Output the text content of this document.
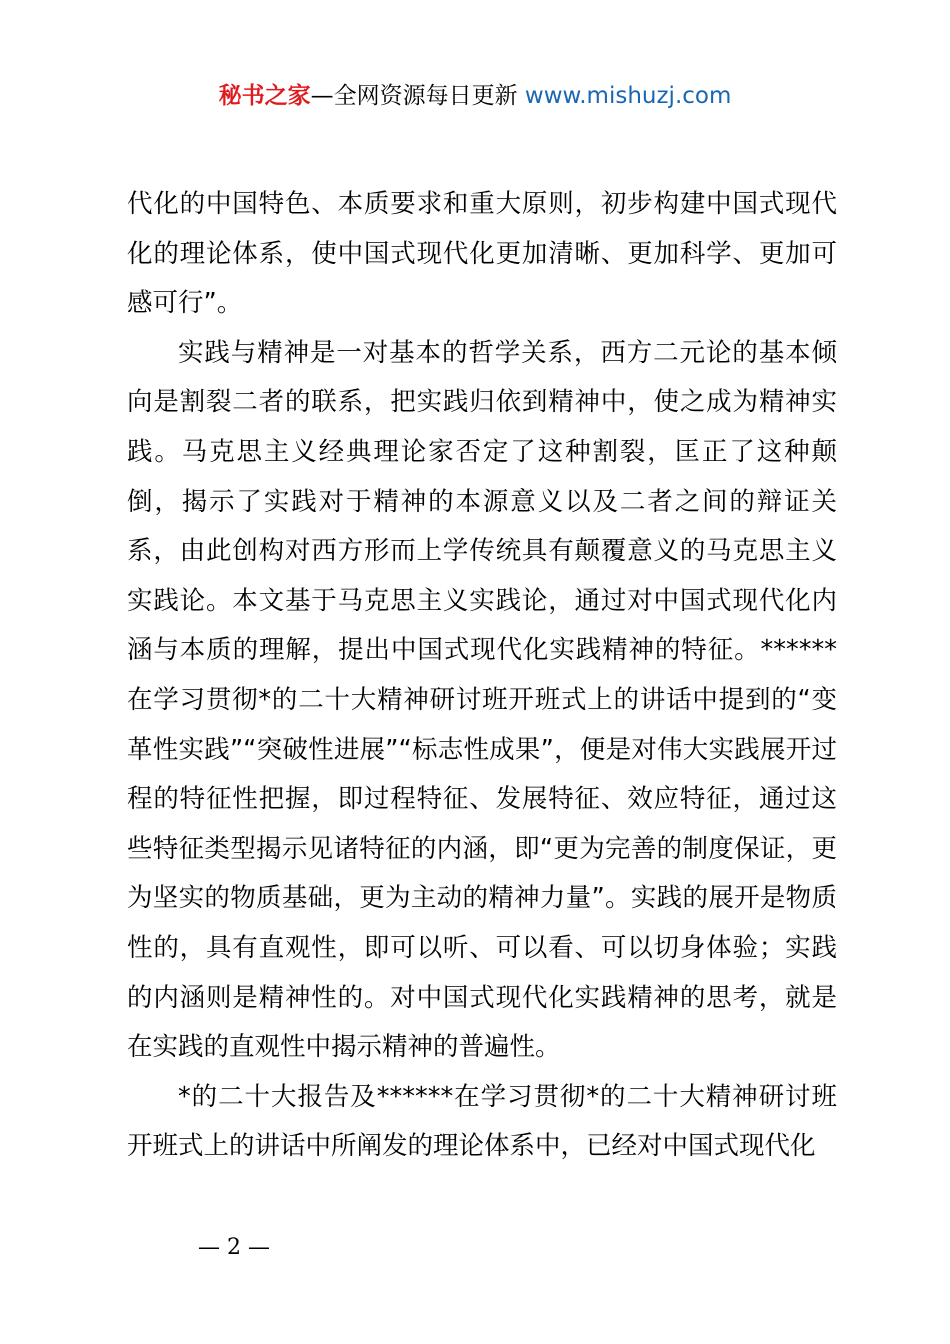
秘书之家—全网资源每日更新 www.mishuzj.com

代化的中国特色、本质要求和重大原则，初步构建中国式现代化的理论体系，使中国式现代化更加清晰、更加科学、更加可感可行”。

实践与精神是一对基本的哲学关系，西方二元论的基本倾向是割裂二者的联系，把实践归依到精神中，使之成为精神实践。马克思主义经典理论家否定了这种割裂，匡正了这种颠倒，揭示了实践对于精神的本源意义以及二者之间的辩证关系，由此创构对西方形而上学传统具有颠覆意义的马克思主义实践论。本文基于马克思主义实践论，通过对中国式现代化内涵与本质的理解，提出中国式现代化实践精神的特征。******在学习贯彻*的二十大精神研讨班开班式上的讲话中提到的“变革性实践”“突破性进展”“标志性成果”，便是对伟大实践展开过程的特征性把握，即过程特征、发展特征、效应特征，通过这些特征类型揭示见诸特征的内涵，即“更为完善的制度保证，更为坚实的物质基础，更为主动的精神力量”。实践的展开是物质性的，具有直观性，即可以听、可以看、可以切身体验；实践的内涵则是精神性的。对中国式现代化实践精神的思考，就是在实践的直观性中揭示精神的普遍性。

*的二十大报告及******在学习贯彻*的二十大精神研讨班开班式上的讲话中所阐发的理论体系中，已经对中国式现代化

— 2 —
